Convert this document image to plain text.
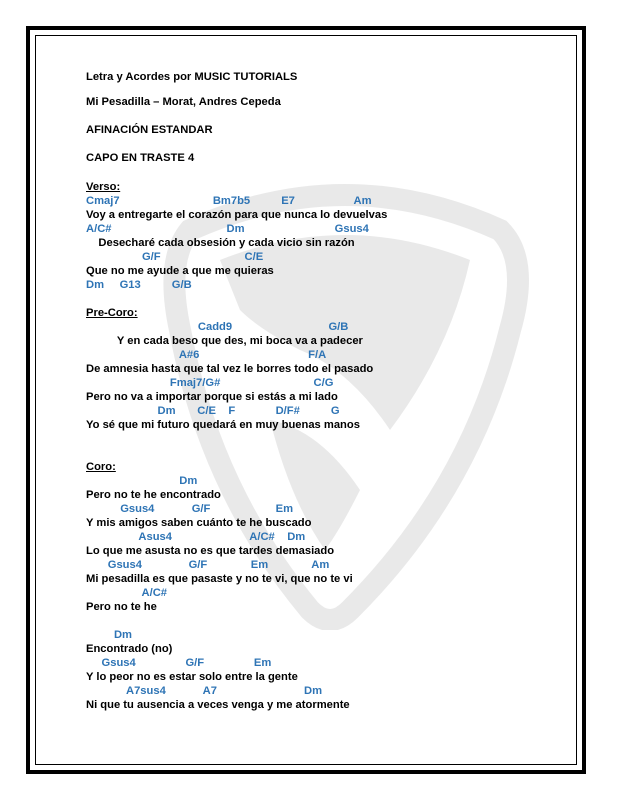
Letra y Acordes por MUSIC TUTORIALS
Mi Pesadilla – Morat, Andres Cepeda
AFINACIÓN ESTANDAR
CAPO EN TRASTE 4
Verso:
Cmaj7                              Bm7b5          E7                   Am
Voy a entregarte el corazón para que nunca lo devuelvas
A/C#                                     Dm                             Gsus4
Desecharé cada obsesión y cada vicio sin razón
G/F                           C/E
Que no me ayude a que me quieras
Dm     G13          G/B
Pre-Coro:
Cadd9                               G/B
Y en cada beso que des, mi boca va a padecer
A#6                                   F/A
De amnesia hasta que tal vez le borres todo el pasado
Fmaj7/G#                              C/G
Pero no va a importar porque si estás a mi lado
Dm       C/E    F             D/F#          G
Yo sé que mi futuro quedará en muy buenas manos
Coro:
Dm
Pero no te he encontrado
Gsus4            G/F                     Em
Y mis amigos saben cuánto te he buscado
Asus4                         A/C#    Dm
Lo que me asusta no es que tardes demasiado
Gsus4               G/F              Em              Am
Mi pesadilla es que pasaste y no te vi, que no te vi
A/C#
Pero no te he
Dm
Encontrado (no)
Gsus4                G/F                Em
Y lo peor no es estar solo entre la gente
A7sus4            A7                            Dm
Ni que tu ausencia a veces venga y me atormente
